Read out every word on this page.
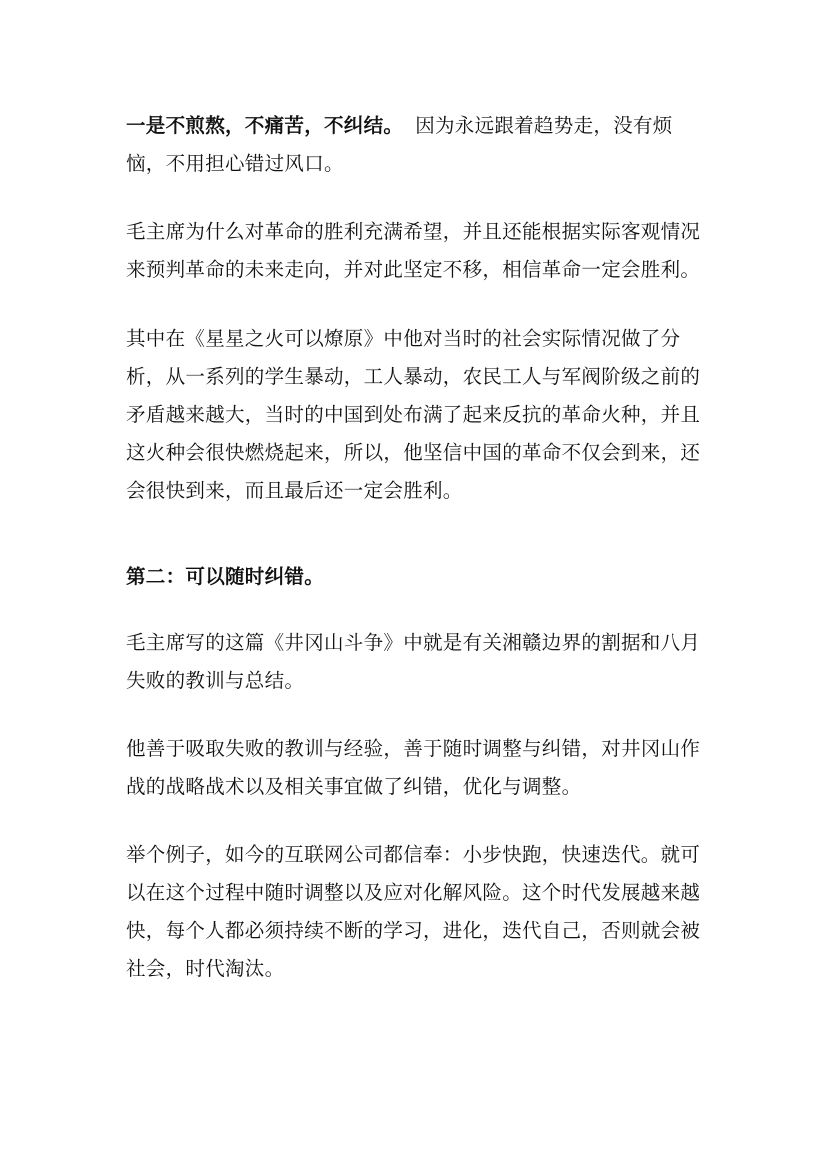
一是不煎熬，不痛苦，不纠结。 因为永远跟着趋势走，没有烦恼，不用担心错过风口。

毛主席为什么对革命的胜利充满希望，并且还能根据实际客观情况来预判革命的未来走向，并对此坚定不移，相信革命一定会胜利。

其中在《星星之火可以燎原》中他对当时的社会实际情况做了分析，从一系列的学生暴动，工人暴动，农民工人与军阀阶级之前的矛盾越来越大，当时的中国到处布满了起来反抗的革命火种，并且这火种会很快燃烧起来，所以，他坚信中国的革命不仅会到来，还会很快到来，而且最后还一定会胜利。

第二：可以随时纠错。

毛主席写的这篇《井冈山斗争》中就是有关湘赣边界的割据和八月失败的教训与总结。

他善于吸取失败的教训与经验，善于随时调整与纠错，对井冈山作战的战略战术以及相关事宜做了纠错，优化与调整。

举个例子，如今的互联网公司都信奉：小步快跑，快速迭代。就可以在这个过程中随时调整以及应对化解风险。这个时代发展越来越快，每个人都必须持续不断的学习，进化，迭代自己，否则就会被社会，时代淘汰。
